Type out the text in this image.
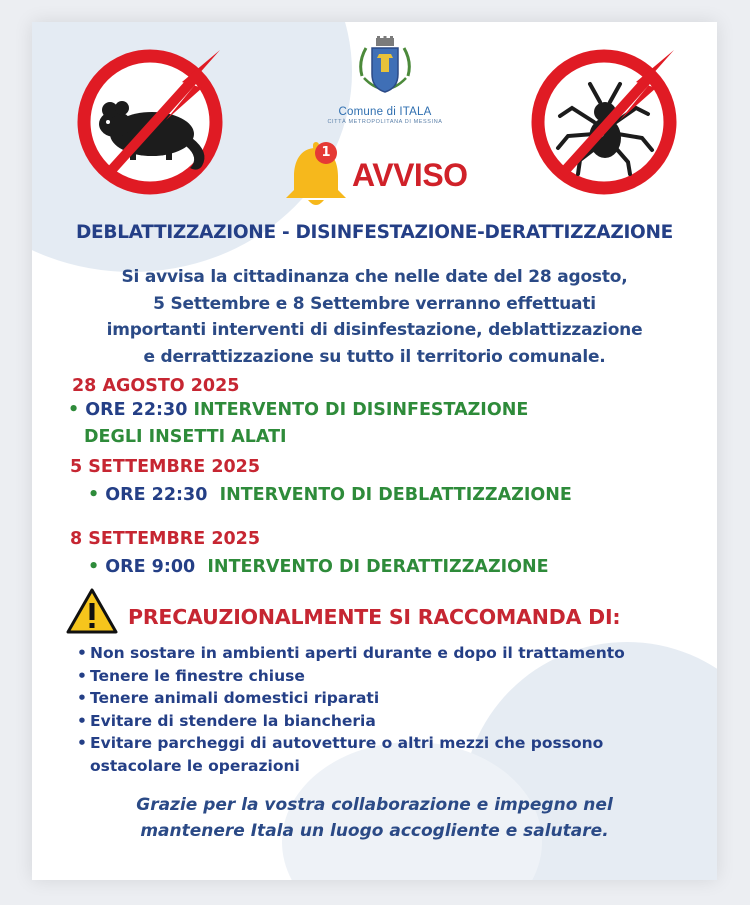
Comune di ITALA
CITTÀ METROPOLITANA DI MESSINA
1
AVVISO
DEBLATTIZZAZIONE - DISINFESTAZIONE-DERATTIZZAZIONE
Si avvisa la cittadinanza che nelle date del 28 agosto,
5 Settembre e 8 Settembre verranno effettuati
importanti interventi di disinfestazione, deblattizzazione
e derrattizzazione su tutto il territorio comunale.
28 AGOSTO 2025
• ORE 22:30 INTERVENTO DI DISINFESTAZIONE
DEGLI INSETTI ALATI
5 SETTEMBRE 2025
• ORE 22:30 INTERVENTO DI DEBLATTIZZAZIONE
8 SETTEMBRE 2025
• ORE 9:00 INTERVENTO DI DERATTIZZAZIONE
PRECAUZIONALMENTE SI RACCOMANDA DI:
• Non sostare in ambienti aperti durante e dopo il trattamento
• Tenere le finestre chiuse
• Tenere animali domestici riparati
• Evitare di stendere la biancheria
• Evitare parcheggi di autovetture o altri mezzi che possono
ostacolare le operazioni
Grazie per la vostra collaborazione e impegno nel
mantenere Itala un luogo accogliente e salutare.
